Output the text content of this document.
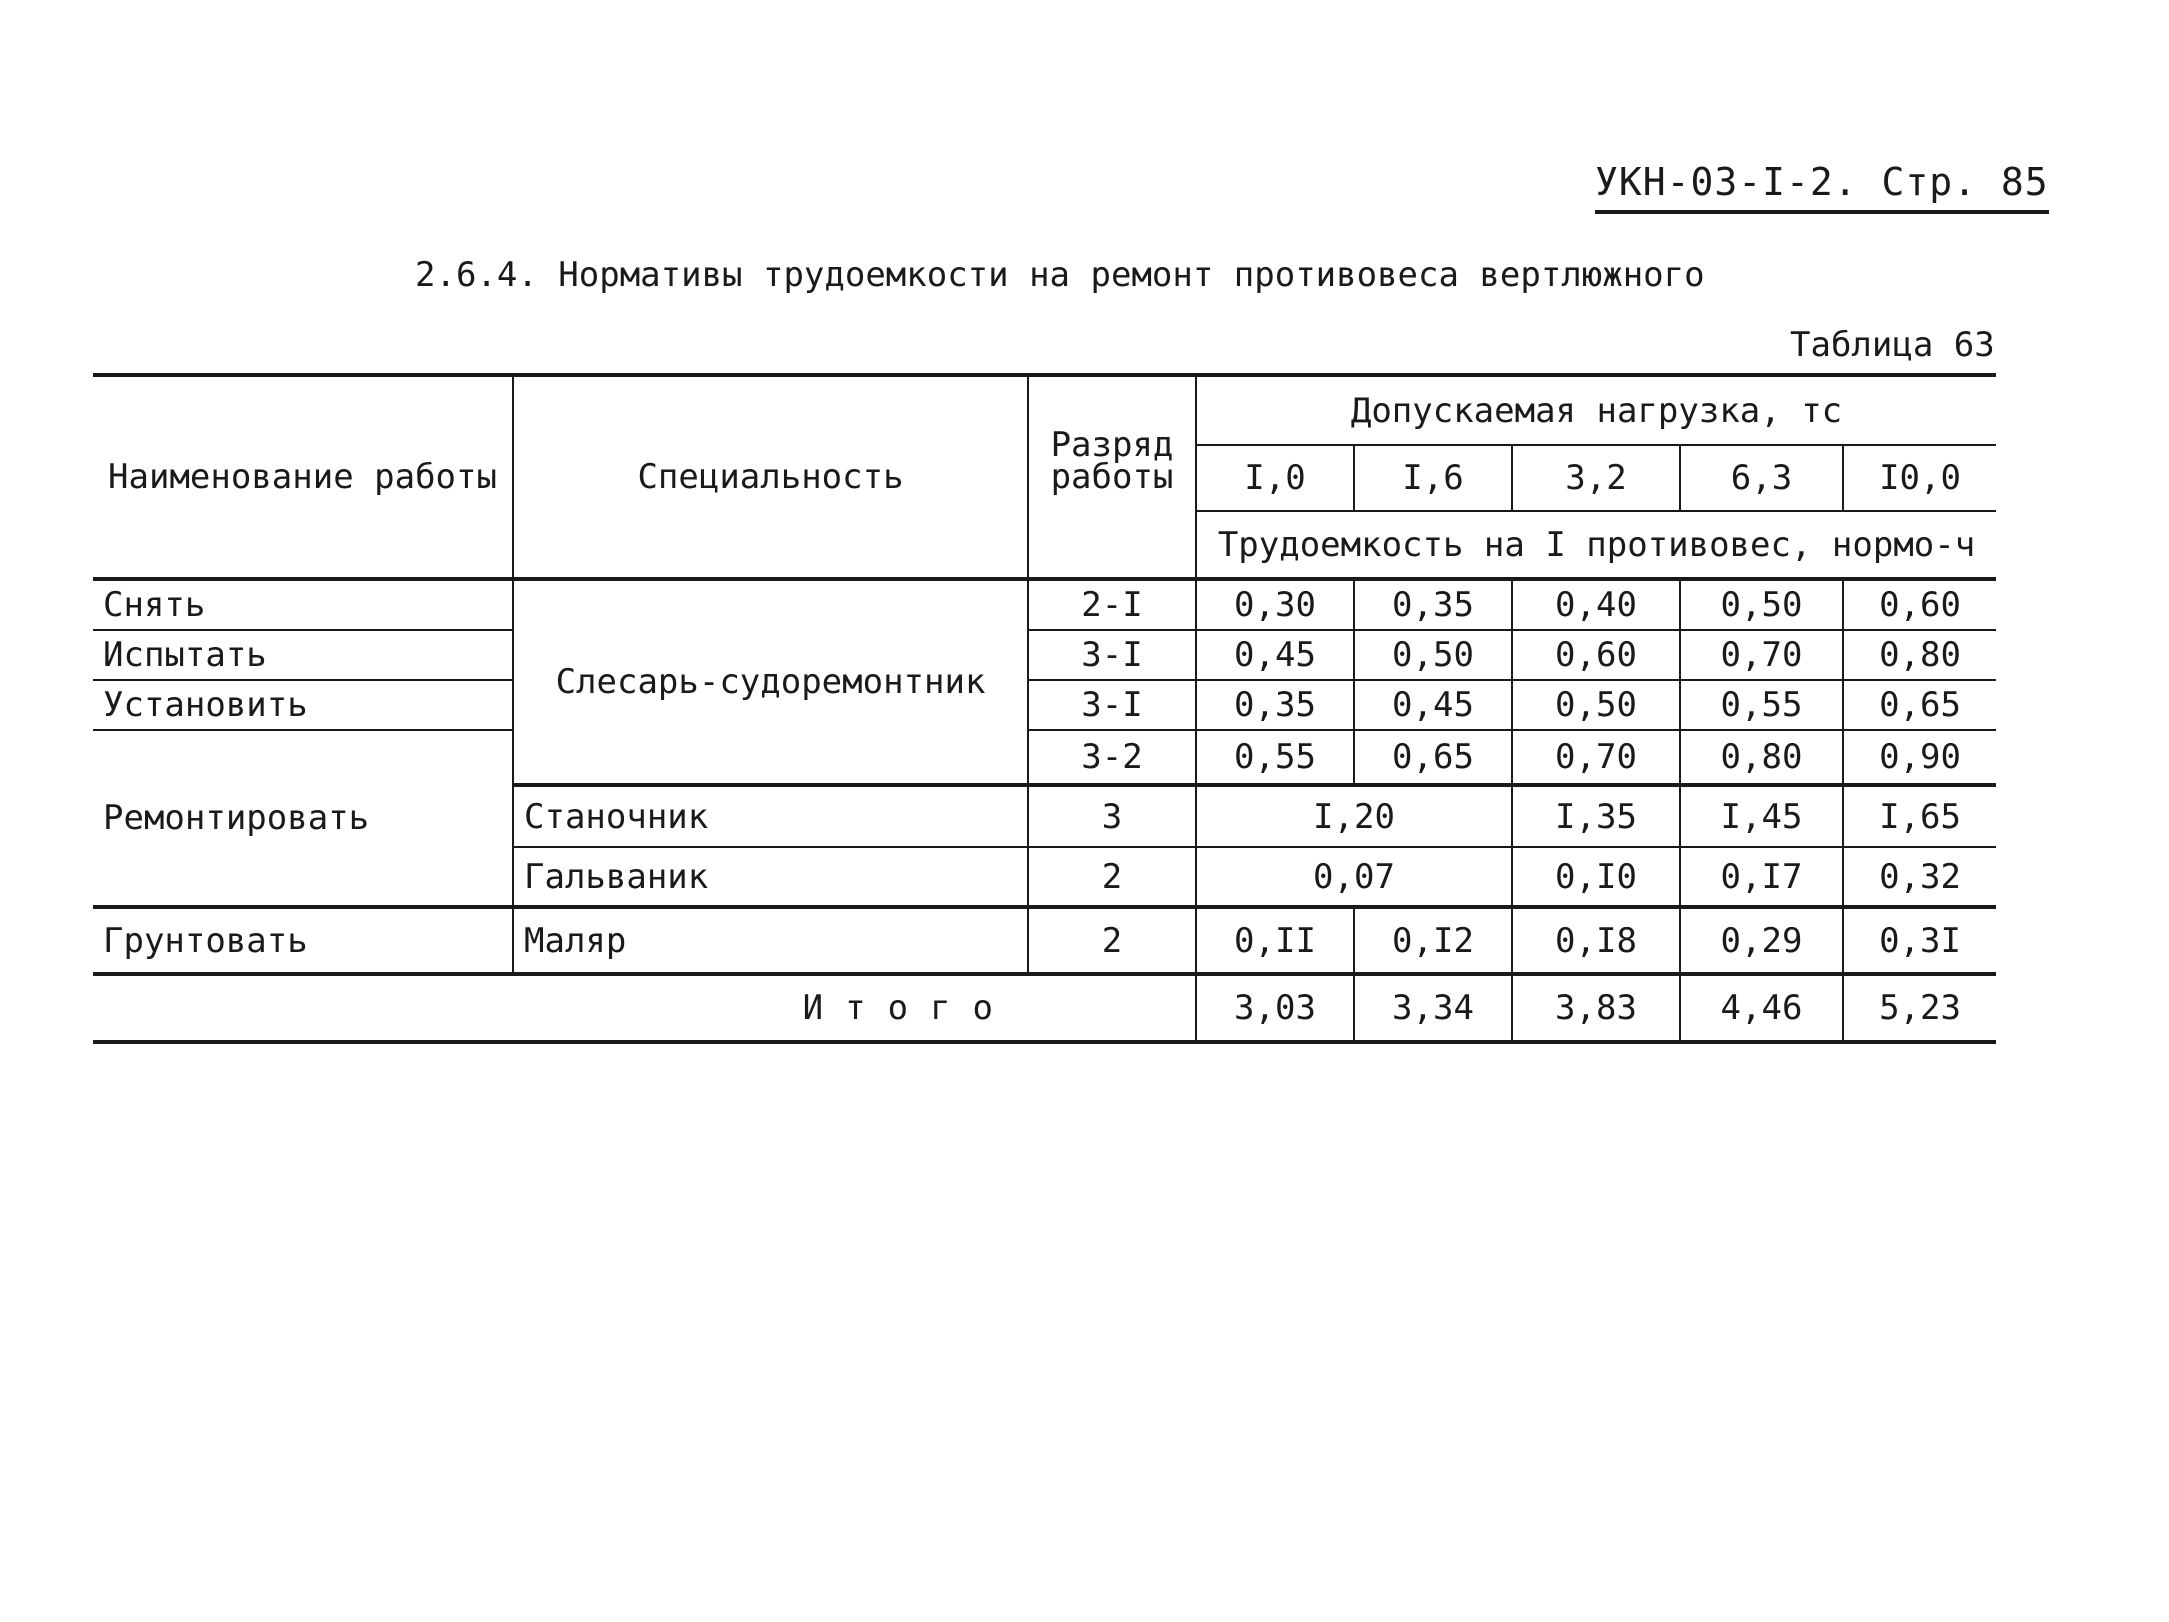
УКН-03-I-2. Стр. 85
2.6.4. Нормативы трудоемкости на ремонт противовеса вертлюжного
Таблица 63
Наименование работы	Специальность	Разряд работы	Допускаемая нагрузка, тс				
			I,0	I,6	3,2	6,3	I0,0
			Трудоемкость на I противовес, нормо-ч				
Снять	Слесарь-судоремонтник	2-I	0,30	0,35	0,40	0,50	0,60
Испытать		3-I	0,45	0,50	0,60	0,70	0,80
Установить		3-I	0,35	0,45	0,50	0,55	0,65
Ремонтировать		3-2	0,55	0,65	0,70	0,80	0,90
	Станочник	3	I,20		I,35	I,45	I,65
	Гальваник	2	0,07		0,I0	0,I7	0,32
Грунтовать	Маляр	2	0,II	0,I2	0,I8	0,29	0,3I
Итого			3,03	3,34	3,83	4,46	5,23
